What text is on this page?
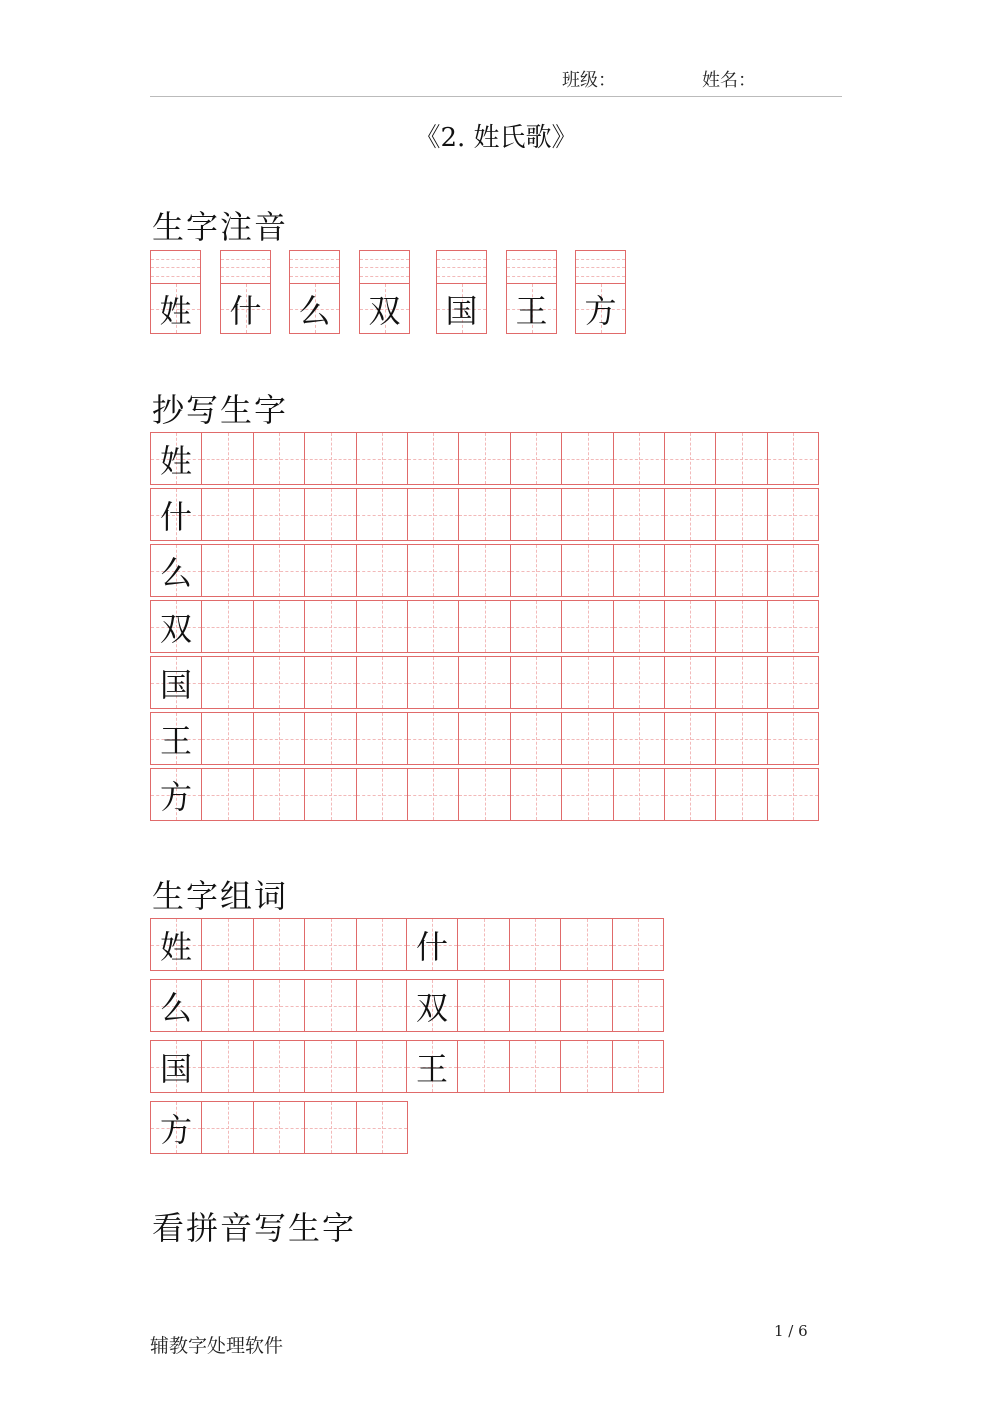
班级：	姓名：
《2. 姓氏歌》
生字注音
姓 什 么 双 国 王 方
抄写生字
姓
什
么
双
国
王
方
生字组词
姓	什
么	双
国	王
方
看拼音写生字
辅教字处理软件
1 / 6
